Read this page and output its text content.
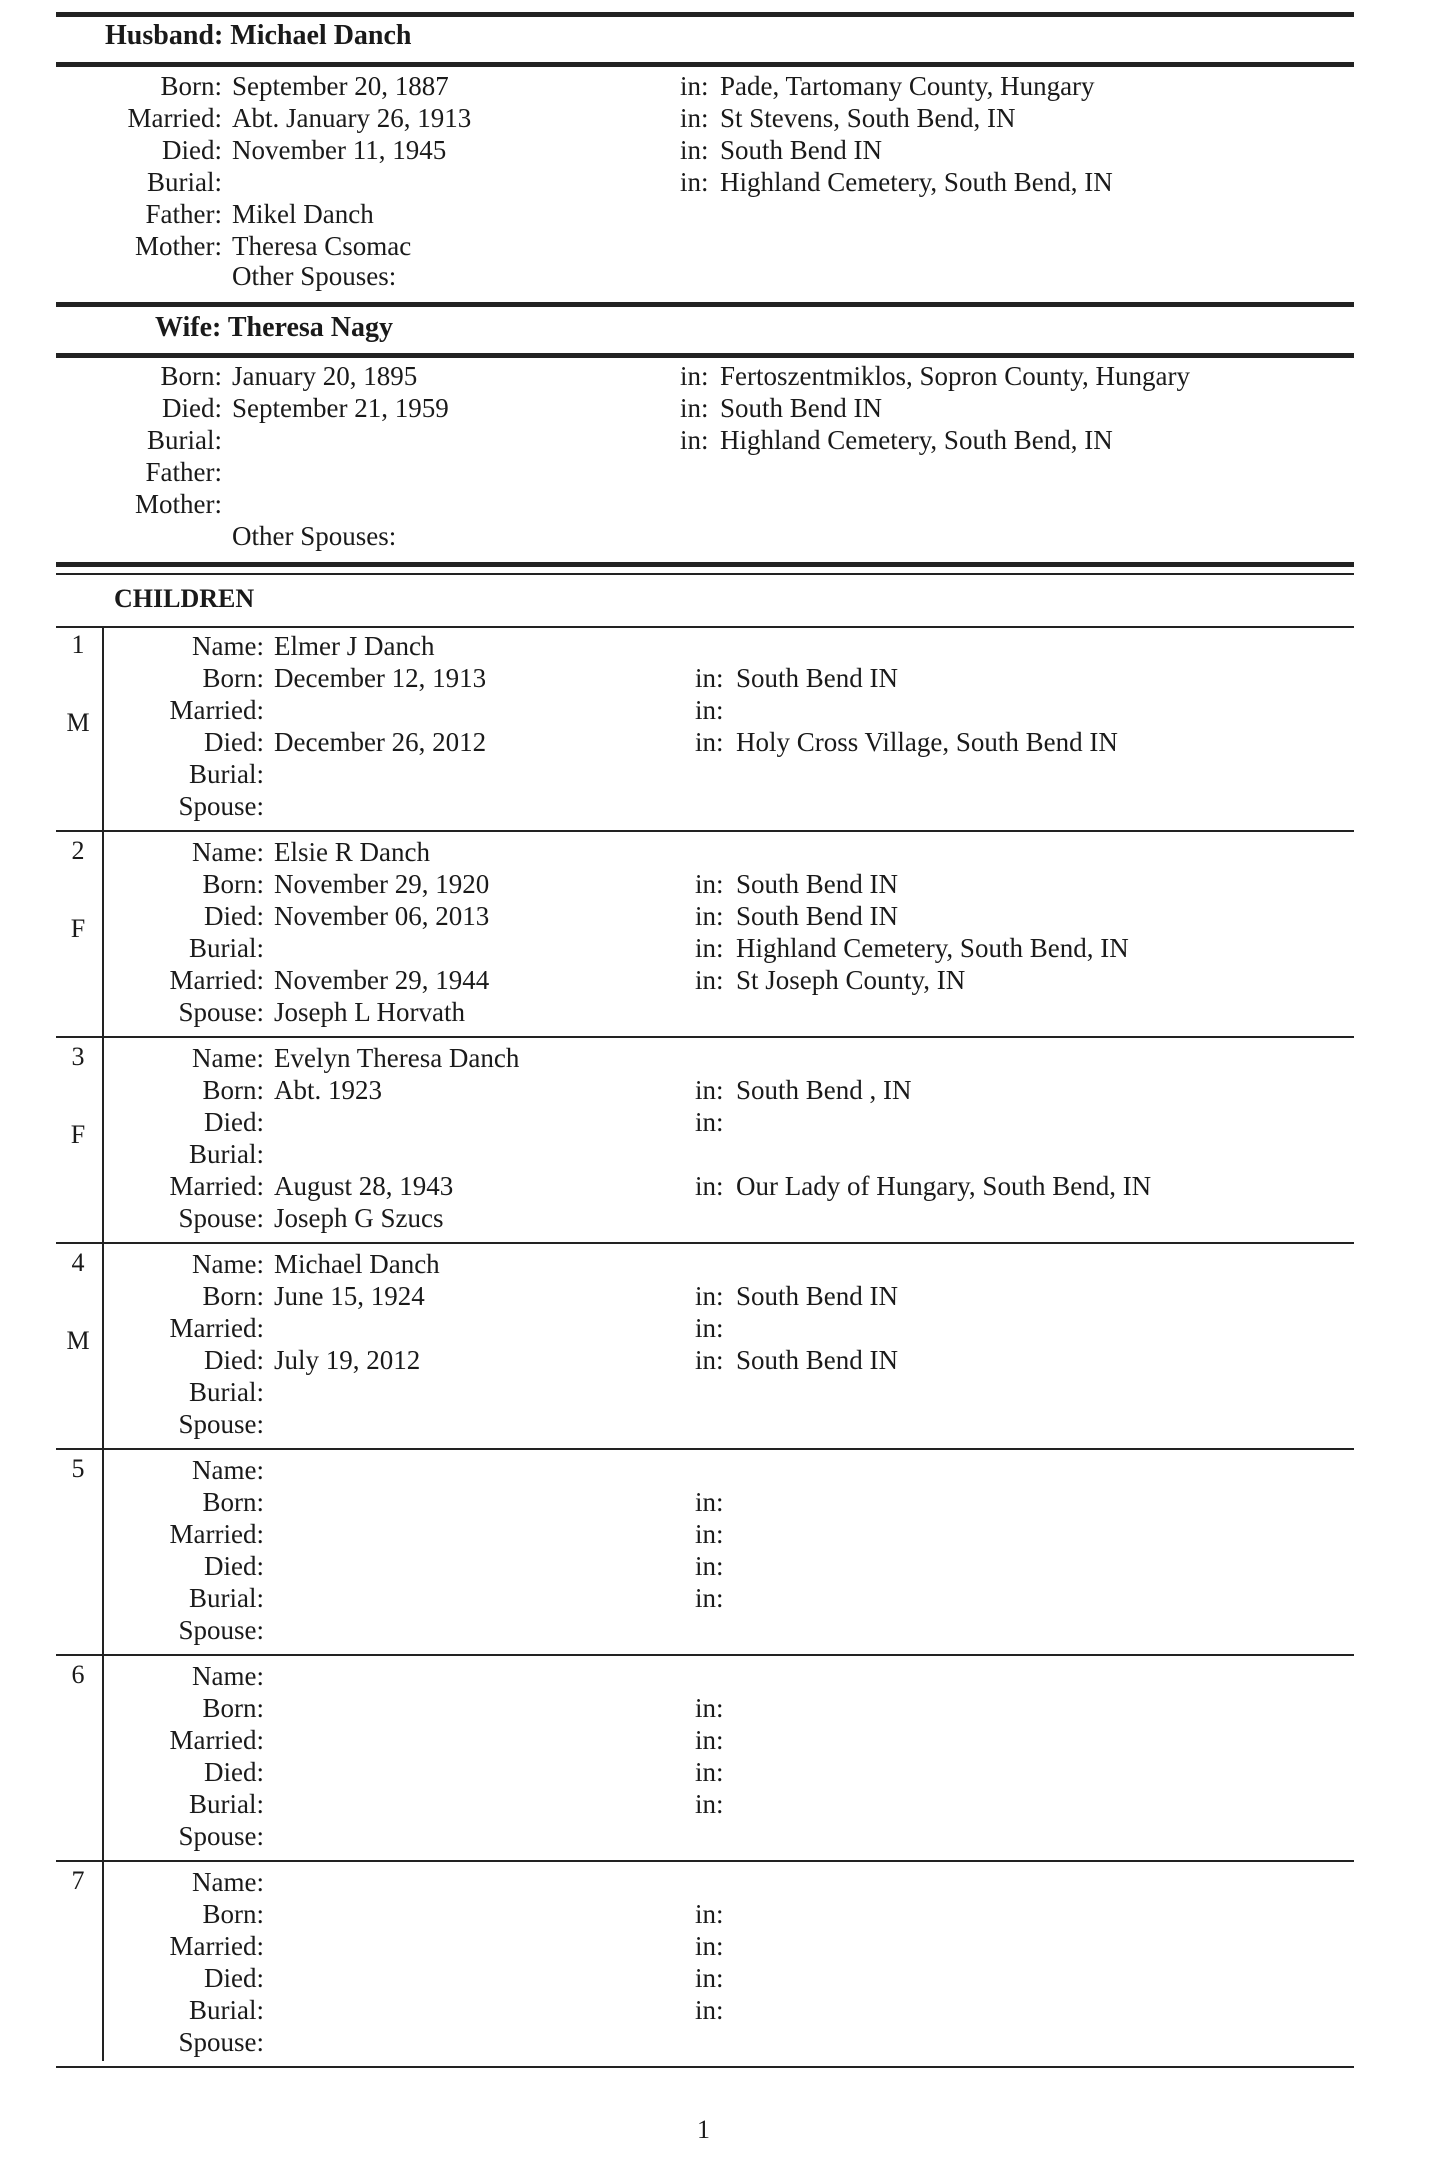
Husband: Michael Danch
Born: September 20, 1887	in: Pade, Tartomany County, Hungary
Married: Abt. January 26, 1913	in: St Stevens, South Bend, IN
Died: November 11, 1945	in: South Bend IN
Burial:	in: Highland Cemetery, South Bend, IN
Father: Mikel Danch
Mother: Theresa Csomac
Other Spouses:
Wife: Theresa Nagy
Born: January 20, 1895	in: Fertoszentmiklos, Sopron County, Hungary
Died: September 21, 1959	in: South Bend IN
Burial:	in: Highland Cemetery, South Bend, IN
Father:
Mother:
Other Spouses:
CHILDREN
1
M
Name: Elmer J Danch
Born: December 12, 1913	in: South Bend IN
Married:	in:
Died: December 26, 2012	in: Holy Cross Village, South Bend IN
Burial:
Spouse:
2
F
Name: Elsie R Danch
Born: November 29, 1920	in: South Bend IN
Died: November 06, 2013	in: South Bend IN
Burial:	in: Highland Cemetery, South Bend, IN
Married: November 29, 1944	in: St Joseph County, IN
Spouse: Joseph L Horvath
3
F
Name: Evelyn Theresa Danch
Born: Abt. 1923	in: South Bend , IN
Died:	in:
Burial:
Married: August 28, 1943	in: Our Lady of Hungary, South Bend, IN
Spouse: Joseph G Szucs
4
M
Name: Michael Danch
Born: June 15, 1924	in: South Bend IN
Married:	in:
Died: July 19, 2012	in: South Bend IN
Burial:
Spouse:
5	Name:
Born:	in:
Married:	in:
Died:	in:
Burial:	in:
Spouse:
6	Name:
Born:	in:
Married:	in:
Died:	in:
Burial:	in:
Spouse:
7	Name:
Born:	in:
Married:	in:
Died:	in:
Burial:	in:
Spouse:
1
